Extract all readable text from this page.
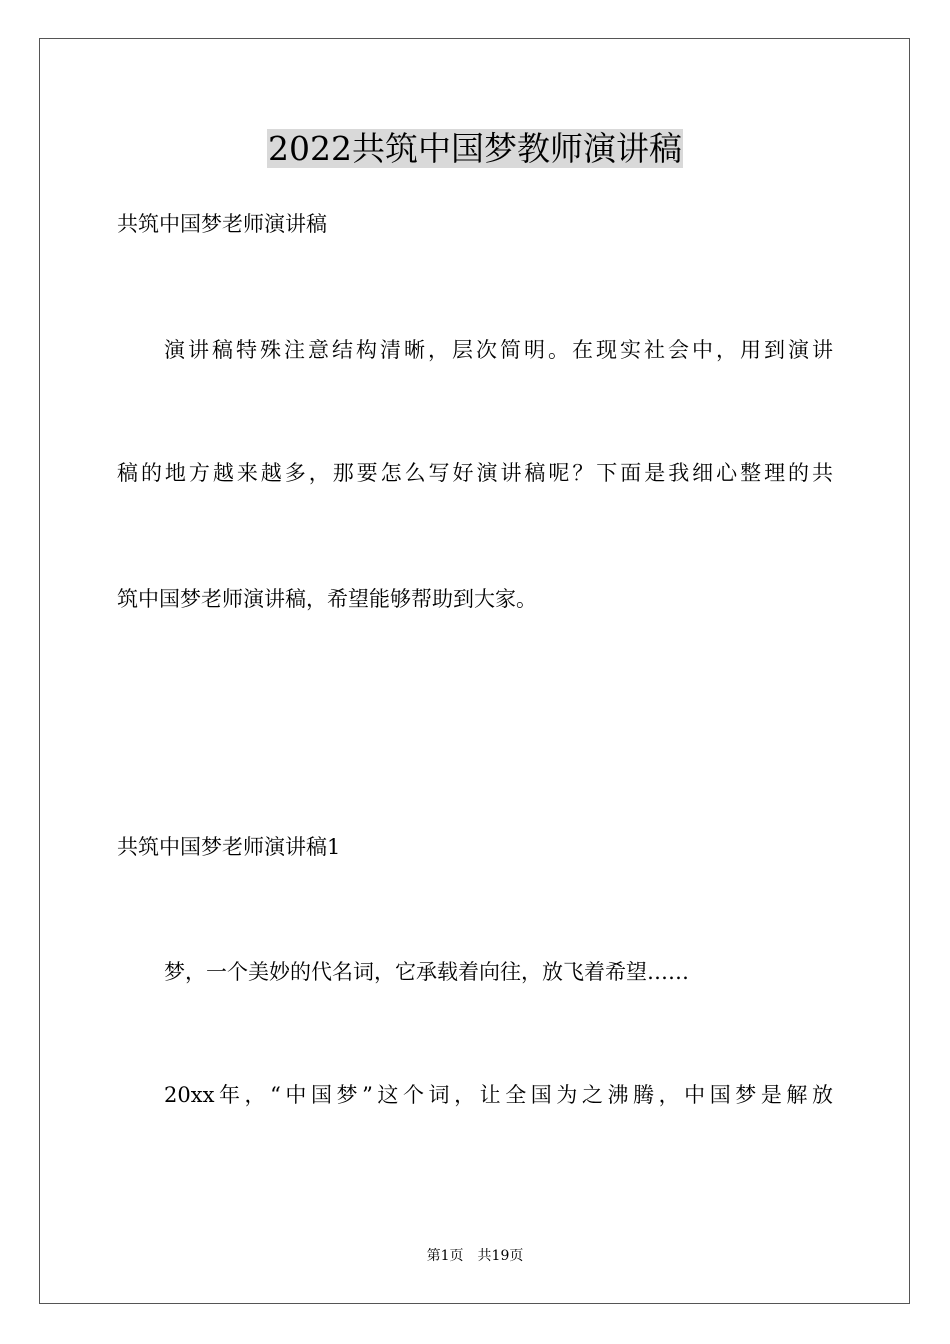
2022共筑中国梦教师演讲稿

共筑中国梦老师演讲稿

演讲稿特殊注意结构清晰，层次简明。在现实社会中，用到演讲

稿的地方越来越多，那要怎么写好演讲稿呢？下面是我细心整理的共

筑中国梦老师演讲稿，希望能够帮助到大家。

共筑中国梦老师演讲稿1

梦，一个美妙的代名词，它承载着向往，放飞着希望……

20xx年，“中国梦”这个词，让全国为之沸腾，中国梦是解放

第1页　共19页
